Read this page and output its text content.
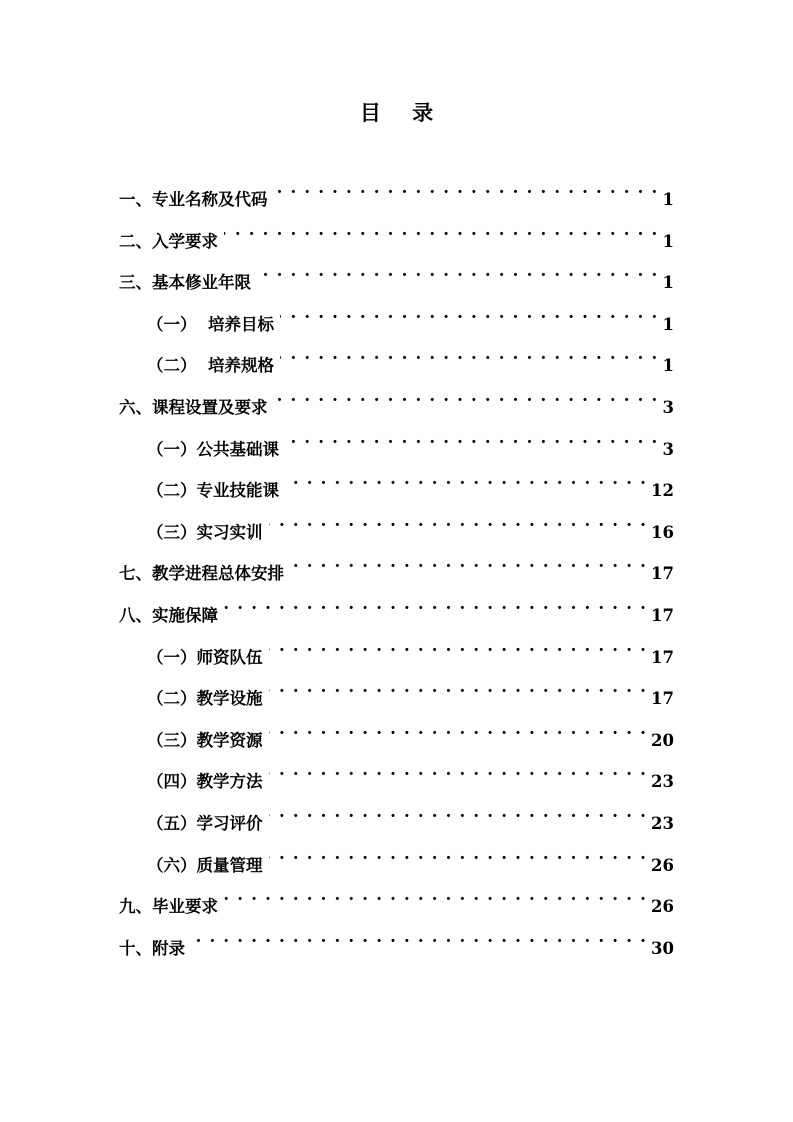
目 录
一、专业名称及代码 . . .	1
二、入学要求 . . .	1
三、基本修业年限 . . .	1
（一）  培养目标 . . .	1
（二）  培养规格 . . .	1
六、课程设置及要求 . . .	3
（一）公共基础课 . . .	3
（二）专业技能课 . . .	12
（三）实习实训 . . .	16
七、教学进程总体安排 . . .	17
八、实施保障 . . .	17
（一）师资队伍 . . .	17
（二）教学设施 . . .	17
（三）教学资源 . . .	20
（四）教学方法 . . .	23
（五）学习评价 . . .	23
（六）质量管理 . . .	26
九、毕业要求 . . .	26
十、附录 . . .	30
